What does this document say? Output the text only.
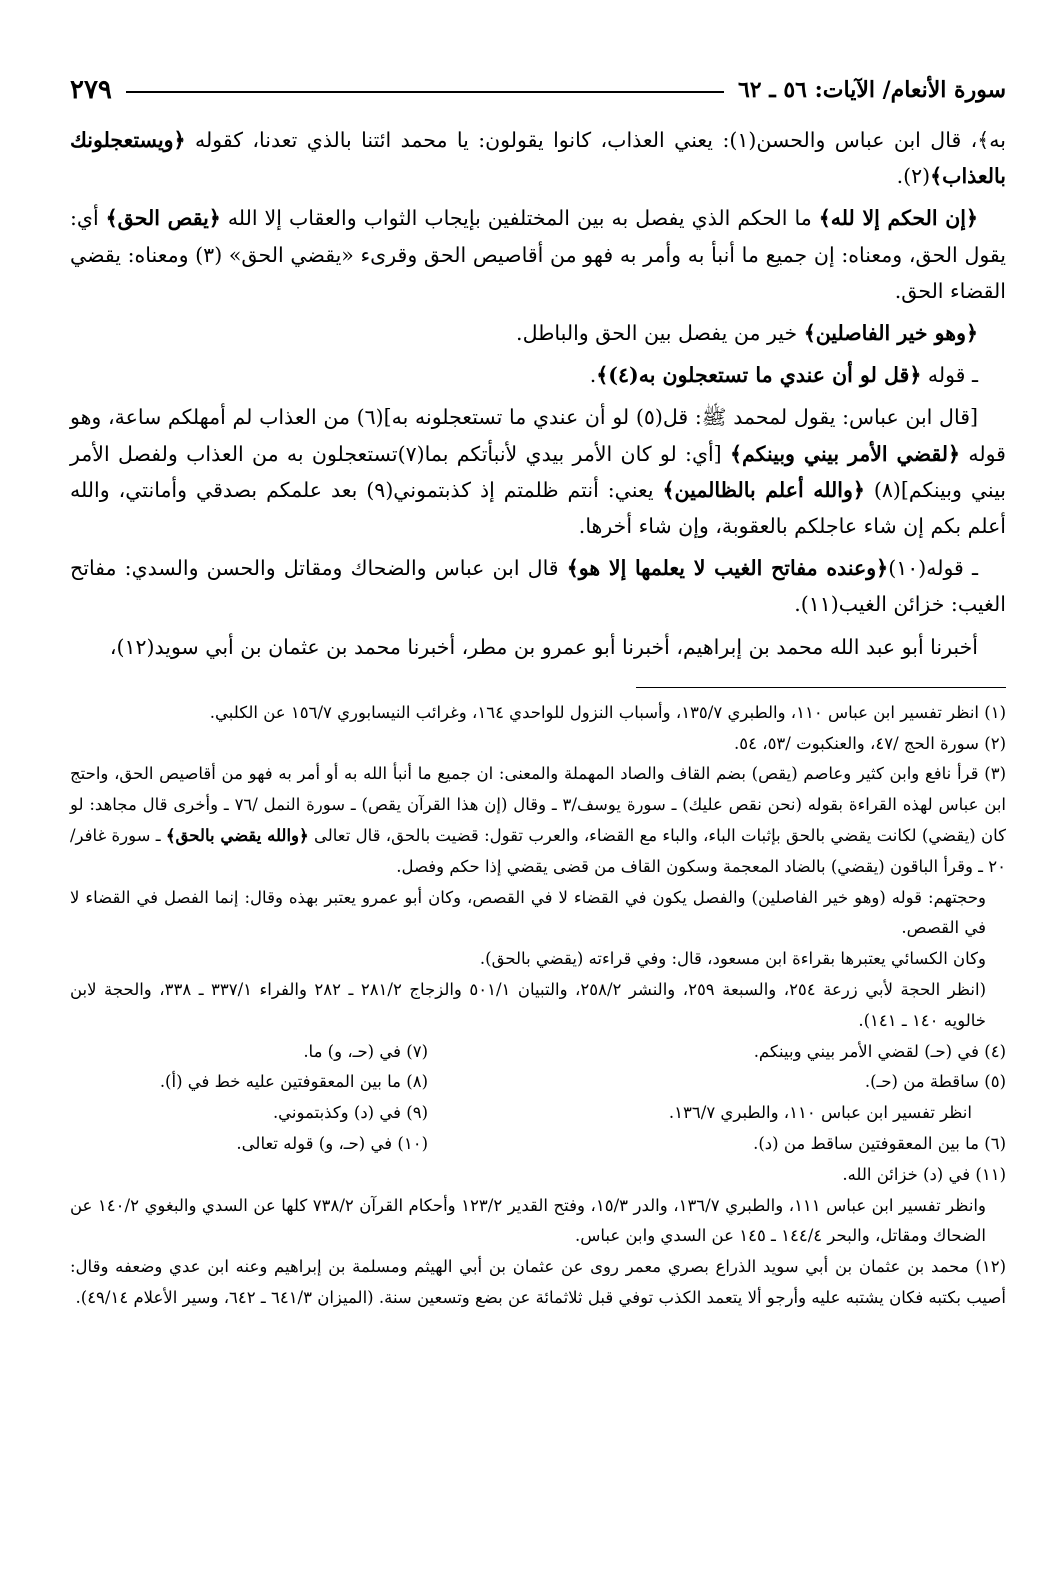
سورة الأنعام/ الآيات: ٥٦ ـ ٦٢
٢٧٩

به﴾، قال ابن عباس والحسن(١): يعني العذاب، كانوا يقولون: يا محمد ائتنا بالذي تعدنا، كقوله ﴿ويستعجلونك بالعذاب﴾(٢).

﴿إن الحكم إلا لله﴾ ما الحكم الذي يفصل به بين المختلفين بإيجاب الثواب والعقاب إلا الله ﴿يقص الحق﴾ أي: يقول الحق، ومعناه: إن جميع ما أنبأ به وأمر به فهو من أقاصيص الحق وقرىء «يقضي الحق» (٣) ومعناه: يقضي القضاء الحق.

﴿وهو خير الفاصلين﴾ خير من يفصل بين الحق والباطل.

ـ قوله ﴿قل لو أن عندي ما تستعجلون به(٤)﴾.

[قال ابن عباس: يقول لمحمد ﷺ: قل(٥) لو أن عندي ما تستعجلونه به](٦) من العذاب لم أمهلكم ساعة، وهو قوله ﴿لقضي الأمر بيني وبينكم﴾ [أي: لو كان الأمر بيدي لأنبأتكم بما(٧)تستعجلون به من العذاب ولفصل الأمر بيني وبينكم](٨) ﴿والله أعلم بالظالمين﴾ يعني: أنتم ظلمتم إذ كذبتموني(٩) بعد علمكم بصدقي وأمانتي، والله أعلم بكم إن شاء عاجلكم بالعقوبة، وإن شاء أخرها.

ـ قوله(١٠)﴿وعنده مفاتح الغيب لا يعلمها إلا هو﴾ قال ابن عباس والضحاك ومقاتل والحسن والسدي: مفاتح الغيب: خزائن الغيب(١١).

أخبرنا أبو عبد الله محمد بن إبراهيم، أخبرنا أبو عمرو بن مطر، أخبرنا محمد بن عثمان بن أبي سويد(١٢)،

(١) انظر تفسير ابن عباس ١١٠، والطبري ١٣٥/٧، وأسباب النزول للواحدي ١٦٤، وغرائب النيسابوري ١٥٦/٧ عن الكلبي.

(٢) سورة الحج /٤٧، والعنكبوت /٥٣، ٥٤.

(٣) قرأ نافع وابن كثير وعاصم (يقص) بضم القاف والصاد المهملة والمعنى: ان جميع ما أنبأ الله به أو أمر به فهو من أقاصيص الحق، واحتج ابن عباس لهذه القراءة بقوله (نحن نقص عليك) ـ سورة يوسف/٣ ـ وقال (إن هذا القرآن يقص) ـ سورة النمل /٧٦ ـ وأخرى قال مجاهد: لو كان (يقضي) لكانت يقضي بالحق بإثبات الباء، والباء مع القضاء، والعرب تقول: قضيت بالحق، قال تعالى ﴿والله يقضي بالحق﴾ ـ سورة غافر/٢٠ ـ وقرأ الباقون (يقضي) بالضاد المعجمة وسكون القاف من قضى يقضي إذا حكم وفصل.

وحجتهم: قوله (وهو خير الفاصلين) والفصل يكون في القضاء لا في القصص، وكان أبو عمرو يعتبر بهذه وقال: إنما الفصل في القضاء لا في القصص.

وكان الكسائي يعتبرها بقراءة ابن مسعود، قال: وفي قراءته (يقضي بالحق).

(انظر الحجة لأبي زرعة ٢٥٤، والسبعة ٢٥٩، والنشر ٢٥٨/٢، والتبيان ٥٠١/١ والزجاج ٢٨١/٢ ـ ٢٨٢ والفراء ٣٣٧/١ ـ ٣٣٨، والحجة لابن خالويه ١٤٠ ـ ١٤١).

(٤) في (حـ) لقضي الأمر بيني وبينكم.

(٥) ساقطة من (حـ).

انظر تفسير ابن عباس ١١٠، والطبري ١٣٦/٧.

(٦) ما بين المعقوفتين ساقط من (د).

(٧) في (حـ، و) ما.

(٨) ما بين المعقوفتين عليه خط في (أ).

(٩) في (د) وكذبتموني.

(١٠) في (حـ، و) قوله تعالى.

(١١) في (د) خزائن الله.

وانظر تفسير ابن عباس ١١١، والطبري ١٣٦/٧، والدر ١٥/٣، وفتح القدير ١٢٣/٢ وأحكام القرآن ٧٣٨/٢ كلها عن السدي والبغوي ١٤٠/٢ عن الضحاك ومقاتل، والبحر ١٤٤/٤ ـ ١٤٥ عن السدي وابن عباس.

(١٢) محمد بن عثمان بن أبي سويد الذراع بصري معمر روى عن عثمان بن أبي الهيثم ومسلمة بن إبراهيم وعنه ابن عدي وضعفه وقال: أصيب بكتبه فكان يشتبه عليه وأرجو ألا يتعمد الكذب توفي قبل ثلاثمائة عن بضع وتسعين سنة. (الميزان ٦٤١/٣ ـ ٦٤٢، وسير الأعلام ٤٩/١٤).
